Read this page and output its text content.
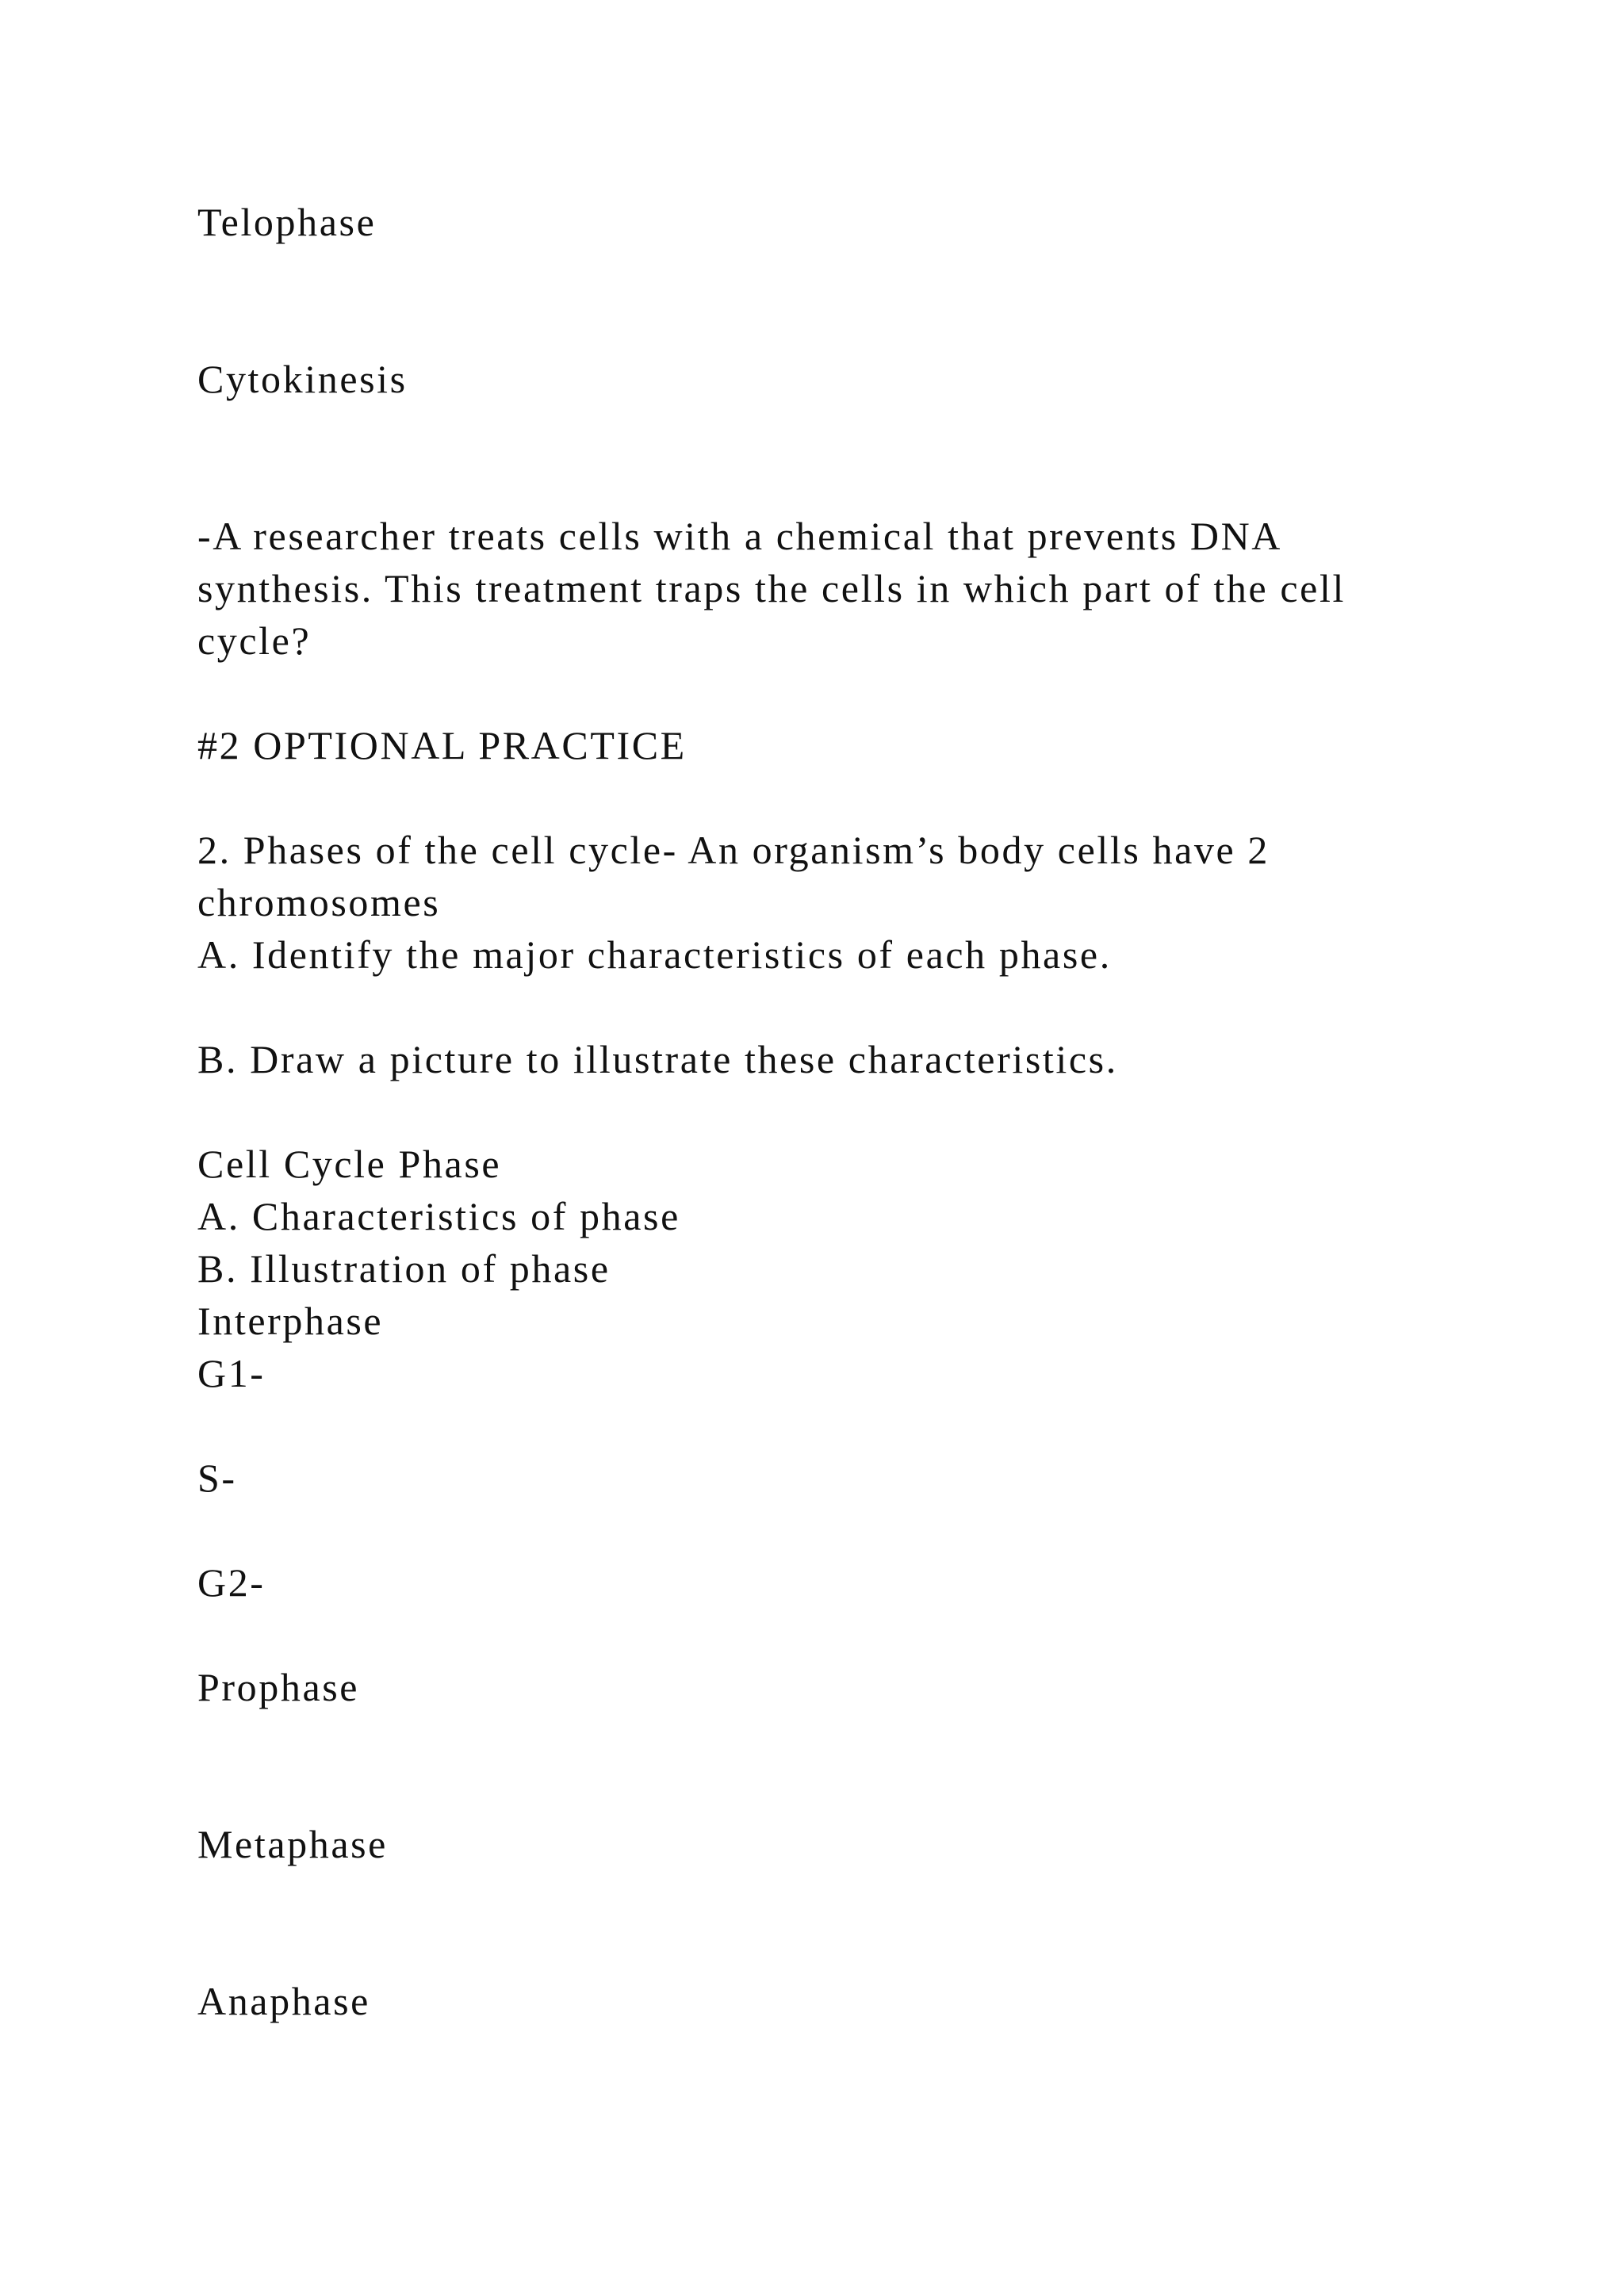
Telophase

Cytokinesis

-A researcher treats cells with a chemical that prevents DNA

synthesis. This treatment traps the cells in which part of the cell

cycle?

#2 OPTIONAL PRACTICE

2. Phases of the cell cycle- An organism’s body cells have 2

chromosomes

A. Identify the major characteristics of each phase.

B. Draw a picture to illustrate these characteristics.

Cell Cycle Phase

A. Characteristics of phase

B. Illustration of phase

Interphase

G1-

S-

G2-

Prophase

Metaphase

Anaphase
